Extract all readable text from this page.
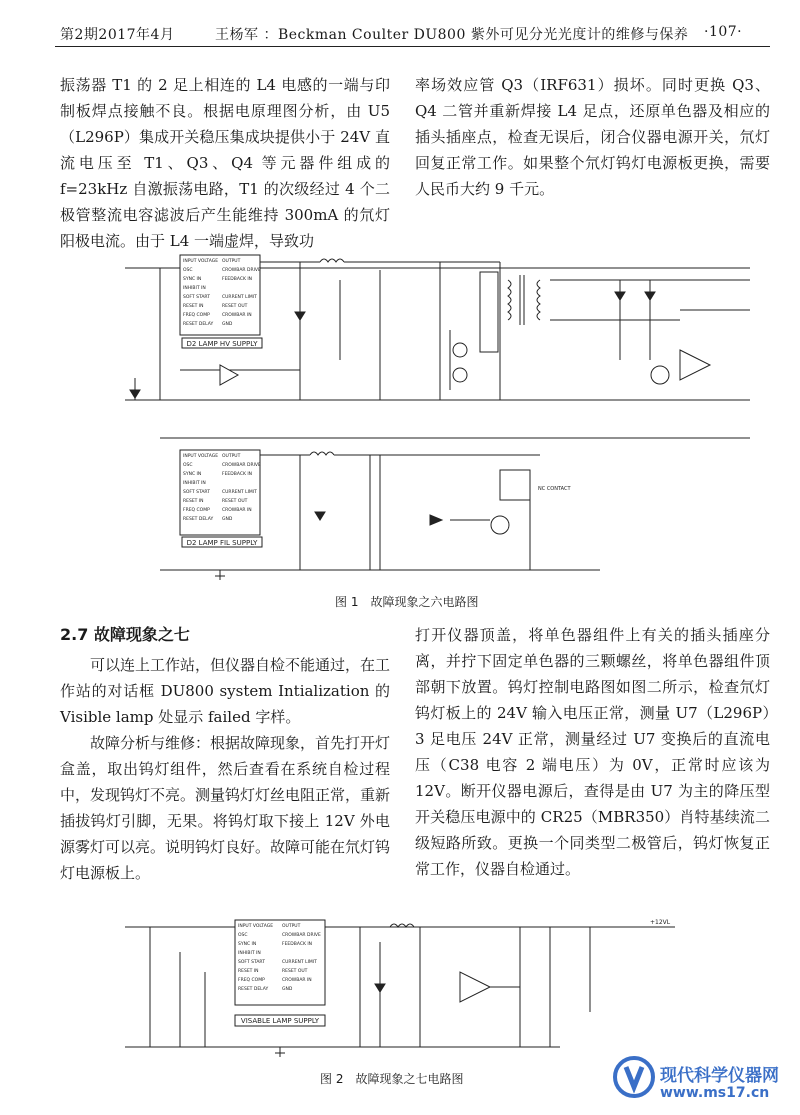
第2期2017年4月	王杨军 ：Beckman Coulter DU800 紫外可见分光光度计的维修与保养 ·107·

振荡器 T1 的 2 足上相连的 L4 电感的一端与印制板焊点接触不良。根据电原理图分析，由 U5（L296P）集成开关稳压集成块提供小于 24V 直流电压至 T1、Q3、Q4 等元器件组成的 f=23kHz 自激振荡电路，T1 的次级经过 4 个二极管整流电容滤波后产生能维持 300mA 的氘灯阳极电流。由于 L4 一端虚焊，导致功

率场效应管 Q3（IRF631）损坏。同时更换 Q3、Q4 二管并重新焊接 L4 足点，还原单色器及相应的插头插座点，检查无误后，闭合仪器电源开关，氘灯回复正常工作。如果整个氘灯钨灯电源板更换，需要人民币大约 9 千元。

INPUT VOLTAGE
OSC
SYNC IN
INHIBIT IN
SOFT START
RESET IN
FREQ COMP
RESET DELAY
OUTPUT
CROWBAR DRIVE
FEEDBACK IN
CURRENT LIMIT
RESET OUT
CROWBAR IN
GND
D2 LAMP HV SUPPLY
INPUT VOLTAGE
OSC
SYNC IN
INHIBIT IN
SOFT START
RESET IN
FREQ COMP
RESET DELAY
OUTPUT
CROWBAR DRIVE
FEEDBACK IN
CURRENT LIMIT
RESET OUT
CROWBAR IN
GND
D2 LAMP FIL SUPPLY
NC CONTACT
图 1　故障现象之六电路图

2.7 故障现象之七

可以连上工作站，但仪器自检不能通过，在工作站的对话框 DU800 system Intialization 的 Visible lamp 处显示 failed 字样。

故障分析与维修：根据故障现象，首先打开灯盒盖，取出钨灯组件，然后查看在系统自检过程中，发现钨灯不亮。测量钨灯灯丝电阻正常，重新插拔钨灯引脚，无果。将钨灯取下接上 12V 外电源雾灯可以亮。说明钨灯良好。故障可能在氘灯钨灯电源板上。

打开仪器顶盖，将单色器组件上有关的插头插座分离，并拧下固定单色器的三颗螺丝，将单色器组件顶部朝下放置。钨灯控制电路图如图二所示，检查氘灯钨灯板上的 24V 输入电压正常，测量 U7（L296P）3 足电压 24V 正常，测量经过 U7 变换后的直流电压（C38 电容 2 端电压）为 0V，正常时应该为 12V。断开仪器电源后，查得是由 U7 为主的降压型开关稳压电源中的 CR25（MBR350）肖特基续流二级短路所致。更换一个同类型二极管后，钨灯恢复正常工作，仪器自检通过。

INPUT VOLTAGE
OSC
SYNC IN
INHIBIT IN
SOFT START
RESET IN
FREQ COMP
RESET DELAY
OUTPUT
CROWBAR DRIVE
FEEDBACK IN
CURRENT LIMIT
RESET OUT
CROWBAR IN
GND
VISABLE LAMP SUPPLY
+12VL
图 2　故障现象之七电路图	现代科学仪器网
www.ms17.cn
